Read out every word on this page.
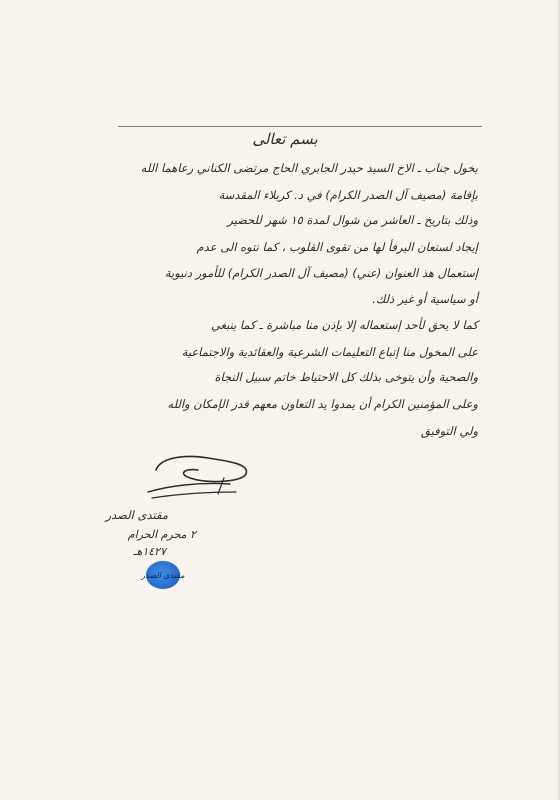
بسم تعالى
يخول جناب ـ الاخ السيد حيدر الجابري الحاج مرتضى الكناني رعاهما الله
بإقامة (مصيف آل الصدر الكرام) في د. كربلاء المقدسة
وذلك بتاريخ ـ العاشر من شوال لمدة ١٥ شهر للحضير
إيجاد لستعان اليرفأ لها من تقوى القلوب ، كما نتوه الى عدم
إستعمال هذ العنوان (عني) (مصيف آل الصدر الكرام) للأمور دنيوية
أو سياسية أو غير ذلك.
كما لا يحق لأحد إستعماله إلا بإذن منا مباشرة ـ كما ينبغي
على المخول منا إتباع التعليمات الشرعية والعقائدية والاجتماعية
والصحية وأن يتوخى بذلك كل الاحتياط خاتم سبيل النجاة
وعلى المؤمنين الكرام أن يمدوا يد التعاون معهم قدر الإمكان والله
ولي التوفيق
مقتدى الصدر
٢ محرم الحرام
١٤٢٧هـ
مقتدى الصدر
